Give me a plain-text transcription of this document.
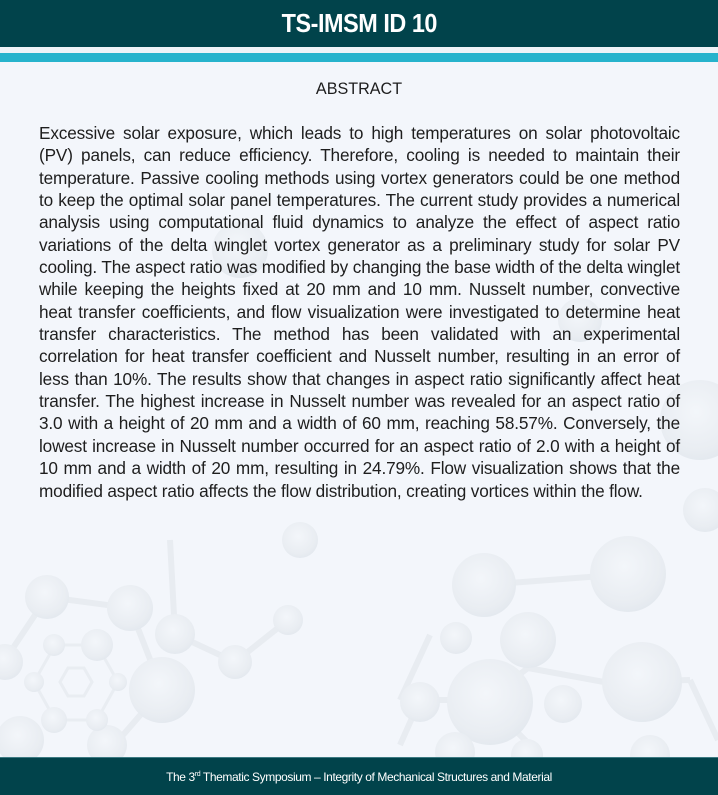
TS-IMSM ID 10
ABSTRACT
Excessive solar exposure, which leads to high temperatures on solar photovoltaic (PV) panels, can reduce efficiency. Therefore, cooling is needed to maintain their temperature. Passive cooling methods using vortex generators could be one method to keep the optimal solar panel temperatures. The current study provides a numerical analysis using computational fluid dynamics to analyze the effect of aspect ratio variations of the delta winglet vortex generator as a preliminary study for solar PV cooling. The aspect ratio was modified by changing the base width of the delta winglet while keeping the heights fixed at 20 mm and 10 mm. Nusselt number, convective heat transfer coefficients, and flow visualization were investigated to determine heat transfer characteristics. The method has been validated with an experimental correlation for heat transfer coefficient and Nusselt number, resulting in an error of less than 10%. The results show that changes in aspect ratio significantly affect heat transfer. The highest increase in Nusselt number was revealed for an aspect ratio of 3.0 with a height of 20 mm and a width of 60 mm, reaching 58.57%. Conversely, the lowest increase in Nusselt number occurred for an aspect ratio of 2.0 with a height of 10 mm and a width of 20 mm, resulting in 24.79%. Flow visualization shows that the modified aspect ratio affects the flow distribution, creating vortices within the flow.
The 3rd Thematic Symposium – Integrity of Mechanical Structures and Material
